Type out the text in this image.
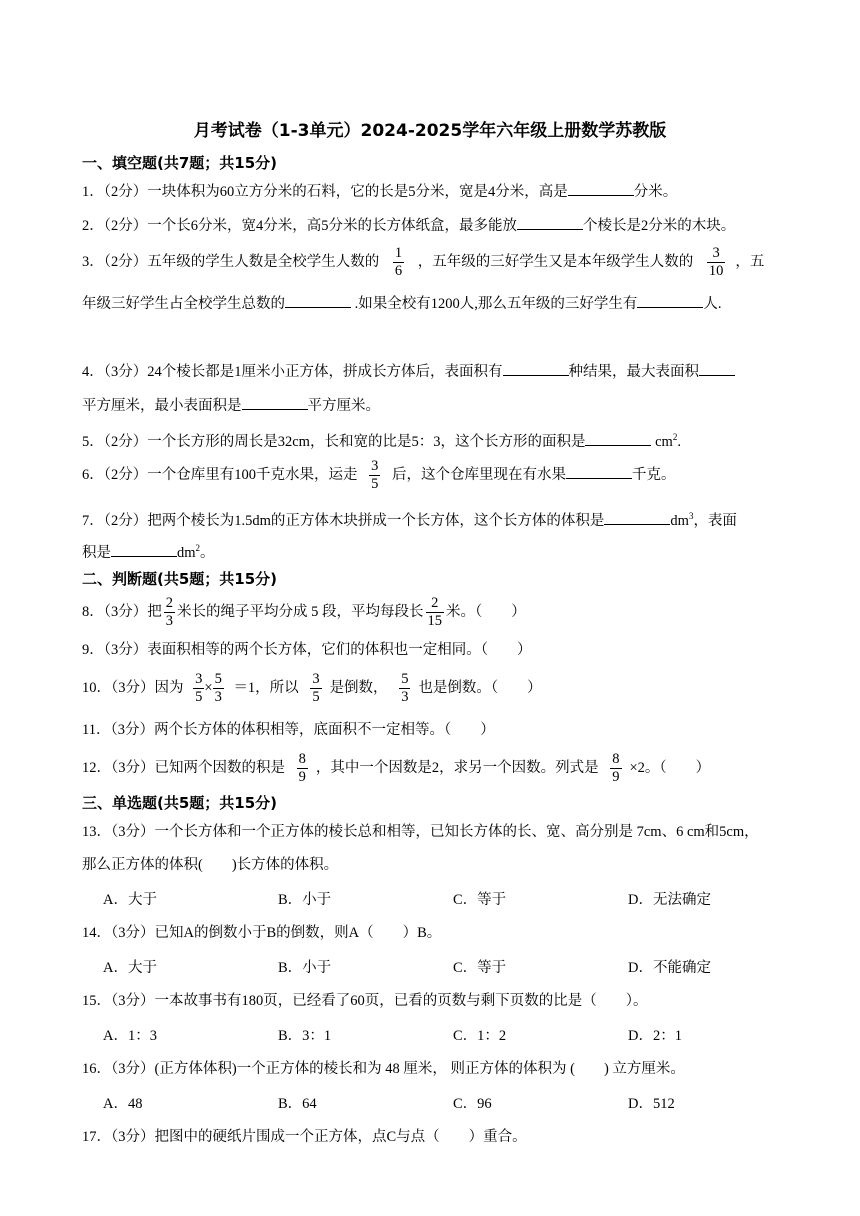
月考试卷（1-3单元）2024-2025学年六年级上册数学苏教版
一、填空题(共7题；共15分)
1．（2分）一块体积为60立方分米的石料，它的长是5分米，宽是4分米，高是	分米。
2．（2分）一个长6分米，宽4分米，高5分米的长方体纸盒，最多能放	个棱长是2分米的木块。
3．（2分）五年级的学生人数是全校学生人数的 $\frac{1}{6}$ ，五年级的三好学生又是本年级学生人数的 $\frac{3}{10}$ ，五
年级三好学生占全校学生总数的	.如果全校有1200人,那么五年级的三好学生有	人.
4．（3分）24个棱长都是1厘米小正方体，拼成长方体后，表面积有	种结果，最大表面积
平方厘米，最小表面积是	平方厘米。
5．（2分）一个长方形的周长是32cm，长和宽的比是5：3，这个长方形的面积是	$cm^2$.
6．（2分）一个仓库里有100千克水果，运走 $\frac{3}{5}$ 后，这个仓库里现在有水果	千克。
7．（2分）把两个棱长为1.5dm的正方体木块拼成一个长方体，这个长方体的体积是	$dm^3$，表面
积是	$dm^2$。
二、判断题(共5题；共15分)
8．（3分）把 $\frac{2}{3}$ 米长的绳子平均分成 5 段，平均每段长 $\frac{2}{15}$ 米。（　　）
9．（3分）表面积相等的两个长方体，它们的体积也一定相同。（　　）
10．（3分）因为 $\frac{3}{5} \times \frac{5}{3} =1$，所以 $\frac{3}{5}$ 是倒数， $\frac{5}{3}$ 也是倒数。（　　）
11．（3分）两个长方体的体积相等，底面积不一定相等。（　　）
12．（3分）已知两个因数的积是 $\frac{8}{9}$ ，其中一个因数是2，求另一个因数。列式是 $\frac{8}{9} \times 2$。（　　）
三、单选题(共5题；共15分)
13．（3分）一个长方体和一个正方体的棱长总和相等，已知长方体的长、宽、高分别是 7cm、6 cm和5cm，
那么正方体的体积(　　)长方体的体积。
A．大于	B．小于	C．等于	D．无法确定
14．（3分）已知A的倒数小于B的倒数，则A（　　）B。
A．大于	B．小于	C．等于	D．不能确定
15．（3分）一本故事书有180页，已经看了60页，已看的页数与剩下页数的比是（　　）。
A．1：3	B．3：1	C．1：2	D．2：1
16．（3分）(正方体体积)一个正方体的棱长和为 48 厘米， 则正方体的体积为 (　　) 立方厘米。
A．48	B．64	C．96	D．512
17．（3分）把图中的硬纸片围成一个正方体，点C与点（　　）重合。
